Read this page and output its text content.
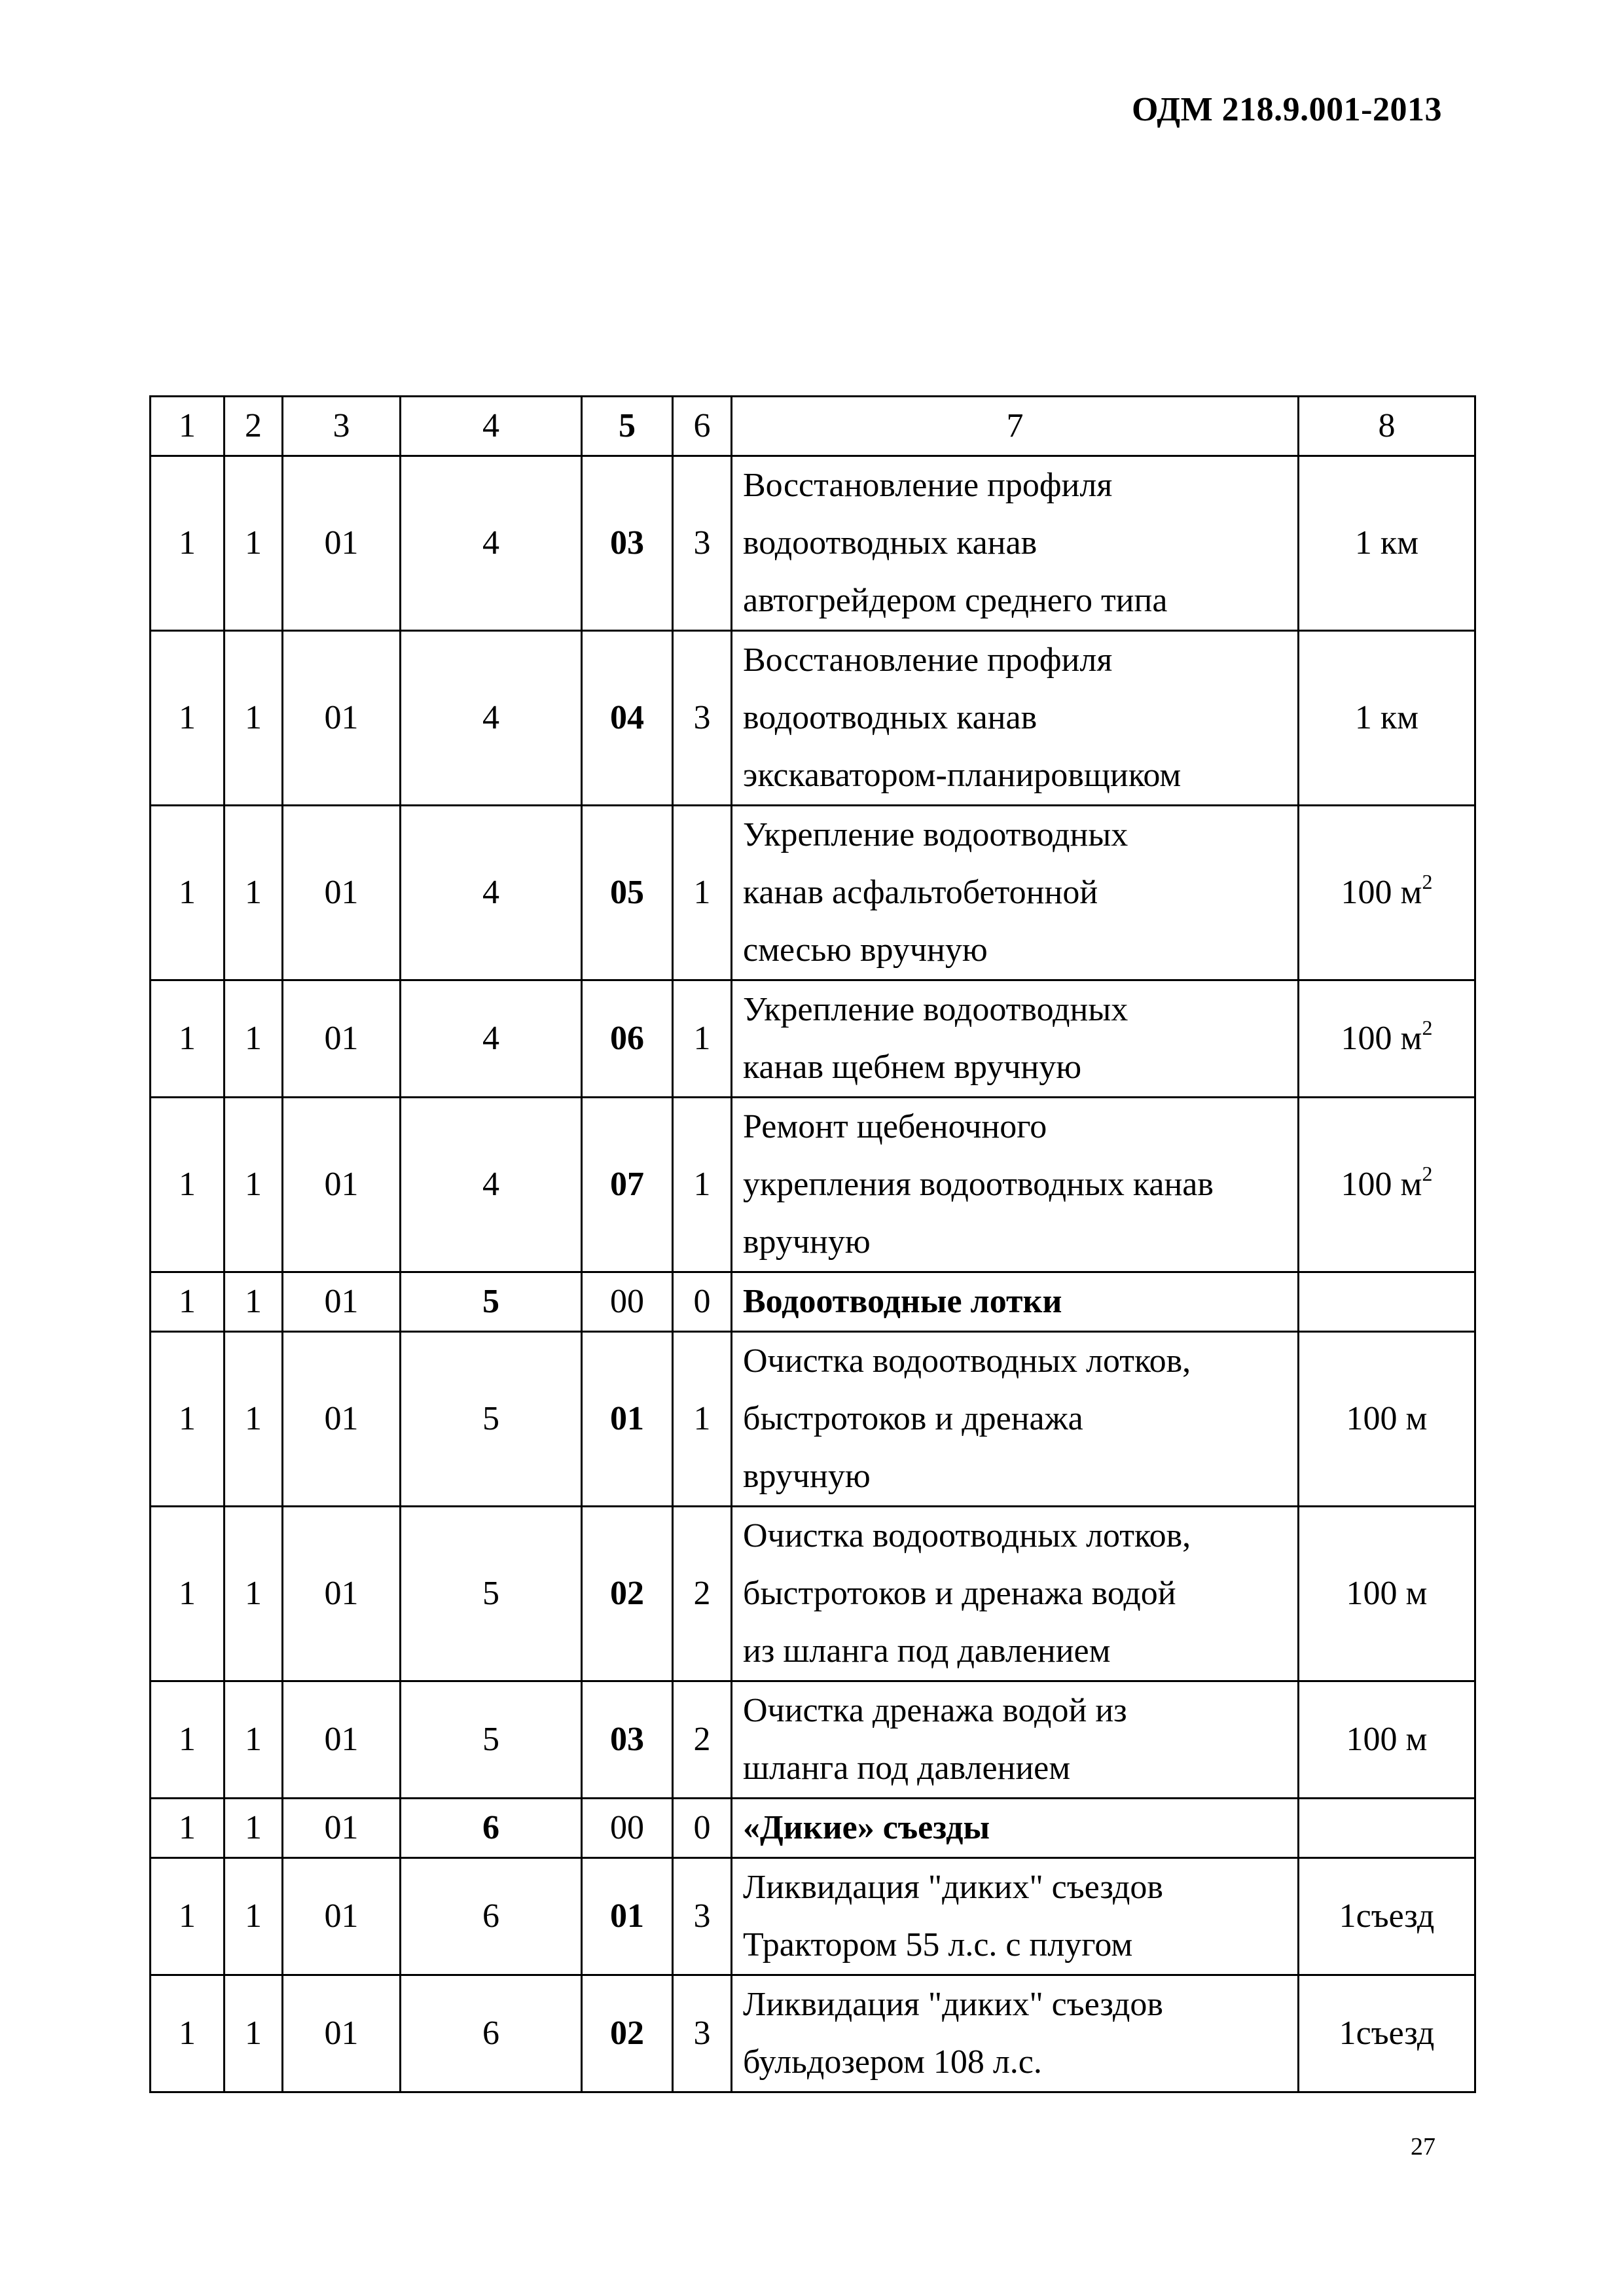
ОДМ 218.9.001-2013
1	2	3	4	5	6	7	8
1	1	01	4	03	3	Восстановление профиля
водоотводных канав
автогрейдером среднего типа	1 км
1	1	01	4	04	3	Восстановление профиля
водоотводных канав
экскаватором-планировщиком	1 км
1	1	01	4	05	1	Укрепление водоотводных
канав асфальтобетонной
смесью вручную	100 $м^2$
1	1	01	4	06	1	Укрепление водоотводных
канав щебнем вручную	100 $м^2$
1	1	01	4	07	1	Ремонт щебеночного
укрепления водоотводных канав
вручную	100 $м^2$
1	1	01	5	00	0	Водоотводные лотки	

1	1	01	5	01	1	Очистка водоотводных лотков,
быстротоков и дренажа
вручную	100 м
1	1	01	5	02	2	Очистка водоотводных лотков,
быстротоков и дренажа водой
из шланга под давлением	100 м
1	1	01	5	03	2	Очистка дренажа водой из
шланга под давлением	100 м
1	1	01	6	00	0	«Дикие» съезды	

1	1	01	6	01	3	Ликвидация "диких" съездов
Трактором 55 л.с. с плугом	1съезд
1	1	01	6	02	3	Ликвидация "диких" съездов
бульдозером 108 л.с.	1съезд
27
